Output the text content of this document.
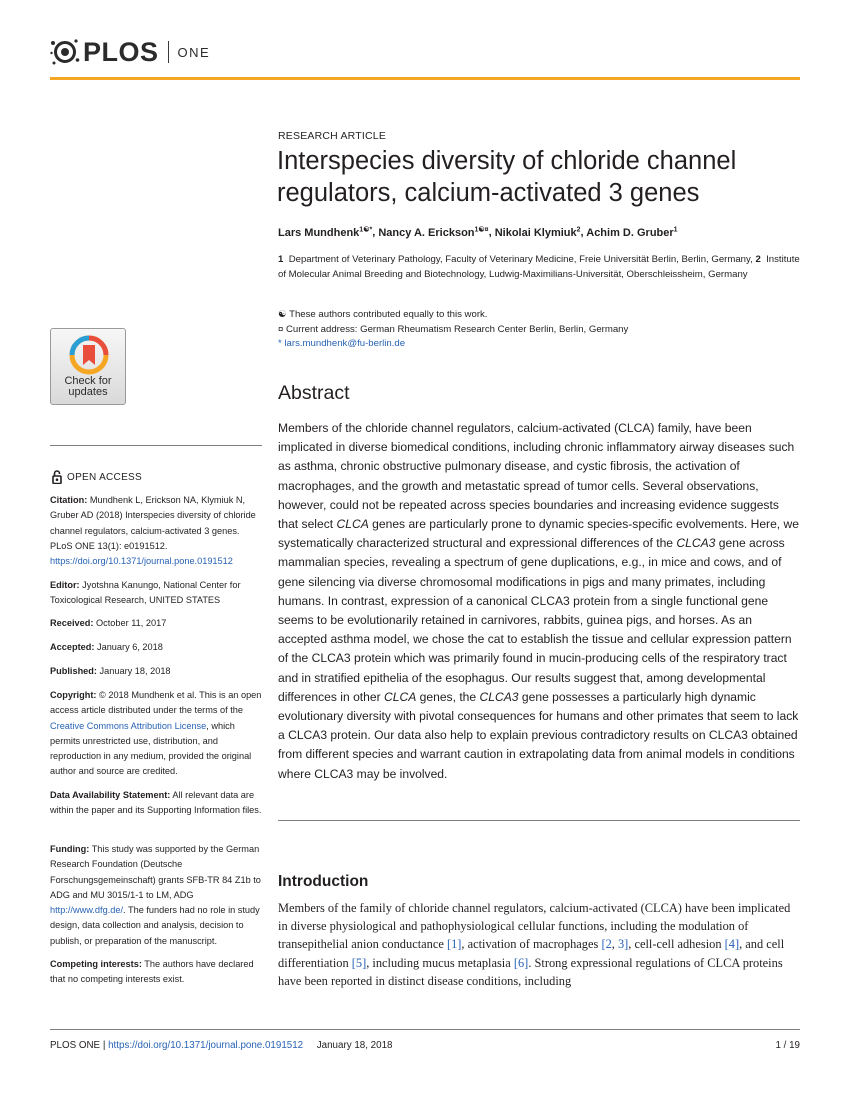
PLOS ONE
Check for
updates
OPEN ACCESS
Citation: Mundhenk L, Erickson NA, Klymiuk N, Gruber AD (2018) Interspecies diversity of chloride channel regulators, calcium-activated 3 genes. PLoS ONE 13(1): e0191512. https://doi.org/10.1371/journal.pone.0191512
Editor: Jyotshna Kanungo, National Center for Toxicological Research, UNITED STATES
Received: October 11, 2017
Accepted: January 6, 2018
Published: January 18, 2018
Copyright: © 2018 Mundhenk et al. This is an open access article distributed under the terms of the Creative Commons Attribution License, which permits unrestricted use, distribution, and reproduction in any medium, provided the original author and source are credited.
Data Availability Statement: All relevant data are within the paper and its Supporting Information files.
Funding: This study was supported by the German Research Foundation (Deutsche Forschungsgemeinschaft) grants SFB-TR 84 Z1b to ADG and MU 3015/1-1 to LM, ADG http://www.dfg.de/. The funders had no role in study design, data collection and analysis, decision to publish, or preparation of the manuscript.
Competing interests: The authors have declared that no competing interests exist.
RESEARCH ARTICLE
Interspecies diversity of chloride channel regulators, calcium-activated 3 genes
Lars Mundhenk$^{1☯*}$, Nancy A. Erickson$^{1☯¤}$, Nikolai Klymiuk$^2$, Achim D. Gruber$^1$
1 Department of Veterinary Pathology, Faculty of Veterinary Medicine, Freie Universität Berlin, Berlin, Germany, 2 Institute of Molecular Animal Breeding and Biotechnology, Ludwig-Maximilians-Universität, Oberschleissheim, Germany
☯ These authors contributed equally to this work.
¤ Current address: German Rheumatism Research Center Berlin, Berlin, Germany
* lars.mundhenk@fu-berlin.de
Abstract
Members of the chloride channel regulators, calcium-activated (CLCA) family, have been implicated in diverse biomedical conditions, including chronic inflammatory airway diseases such as asthma, chronic obstructive pulmonary disease, and cystic fibrosis, the activation of macrophages, and the growth and metastatic spread of tumor cells. Several observations, however, could not be repeated across species boundaries and increasing evidence suggests that select CLCA genes are particularly prone to dynamic species-specific evolvements. Here, we systematically characterized structural and expressional differences of the CLCA3 gene across mammalian species, revealing a spectrum of gene duplications, e.g., in mice and cows, and of gene silencing via diverse chromosomal modifications in pigs and many primates, including humans. In contrast, expression of a canonical CLCA3 protein from a single functional gene seems to be evolutionarily retained in carnivores, rabbits, guinea pigs, and horses. As an accepted asthma model, we chose the cat to establish the tissue and cellular expression pattern of the CLCA3 protein which was primarily found in mucin-producing cells of the respiratory tract and in stratified epithelia of the esophagus. Our results suggest that, among developmental differences in other CLCA genes, the CLCA3 gene possesses a particularly high dynamic evolutionary diversity with pivotal consequences for humans and other primates that seem to lack a CLCA3 protein. Our data also help to explain previous contradictory results on CLCA3 obtained from different species and warrant caution in extrapolating data from animal models in conditions where CLCA3 may be involved.
Introduction
Members of the family of chloride channel regulators, calcium-activated (CLCA) have been implicated in diverse physiological and pathophysiological cellular functions, including the modulation of transepithelial anion conductance [1], activation of macrophages [2, 3], cell-cell adhesion [4], and cell differentiation [5], including mucus metaplasia [6]. Strong expressional regulations of CLCA proteins have been reported in distinct disease conditions, including
PLOS ONE | https://doi.org/10.1371/journal.pone.0191512 January 18, 2018	1 / 19
